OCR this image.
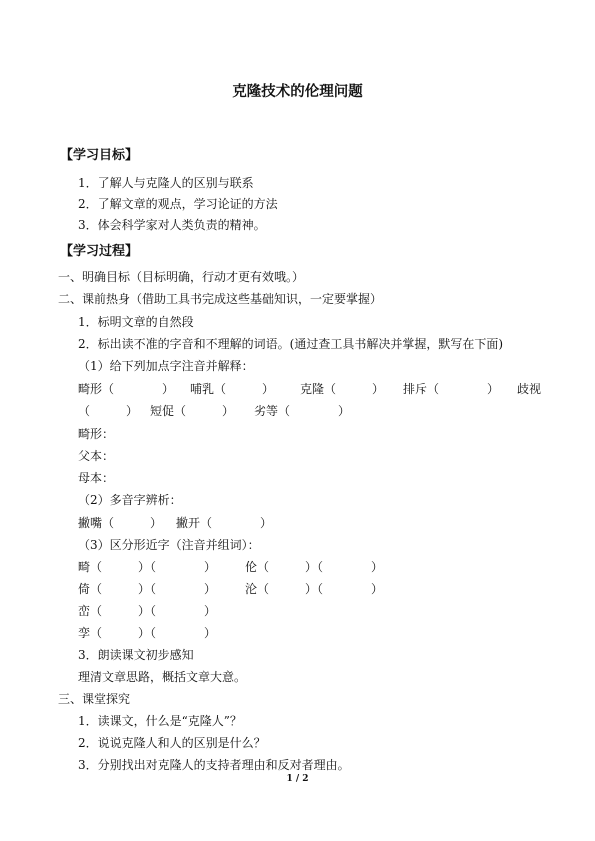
克隆技术的伦理问题
【学习目标】
1．了解人与克隆人的区别与联系
2．了解文章的观点，学习论证的方法
3．体会科学家对人类负责的精神。
【学习过程】
一、明确目标（目标明确，行动才更有效哦。）
二、课前热身（借助工具书完成这些基础知识，一定要掌握）
1．标明文章的自然段
2．标出读不准的字音和不理解的词语。(通过查工具书解决并掌握，默写在下面)
（1）给下列加点字注音并解释：
畸形（　　　　） 哺乳（　　　） 克隆（　　　） 排斥（　　　　） 歧视
（　　　） 短促（　　　） 劣等（　　　　）
畸形：
父本：
母本：
（2）多音字辨析：
撇嘴（　　　） 撇开（　　　　）
（3）区分形近字（注音并组词）：
畸（　　　）（　　　　） 伦（　　　）（　　　　）
倚（　　　）（　　　　） 沦（　　　）（　　　　）
峦（　　　）（　　　　）
孪（　　　）（　　　　）
3．朗读课文初步感知
理清文章思路，概括文章大意。
三、课堂探究
1．读课文，什么是“克隆人”？
2．说说克隆人和人的区别是什么？
3．分别找出对克隆人的支持者理由和反对者理由。
1 / 2
